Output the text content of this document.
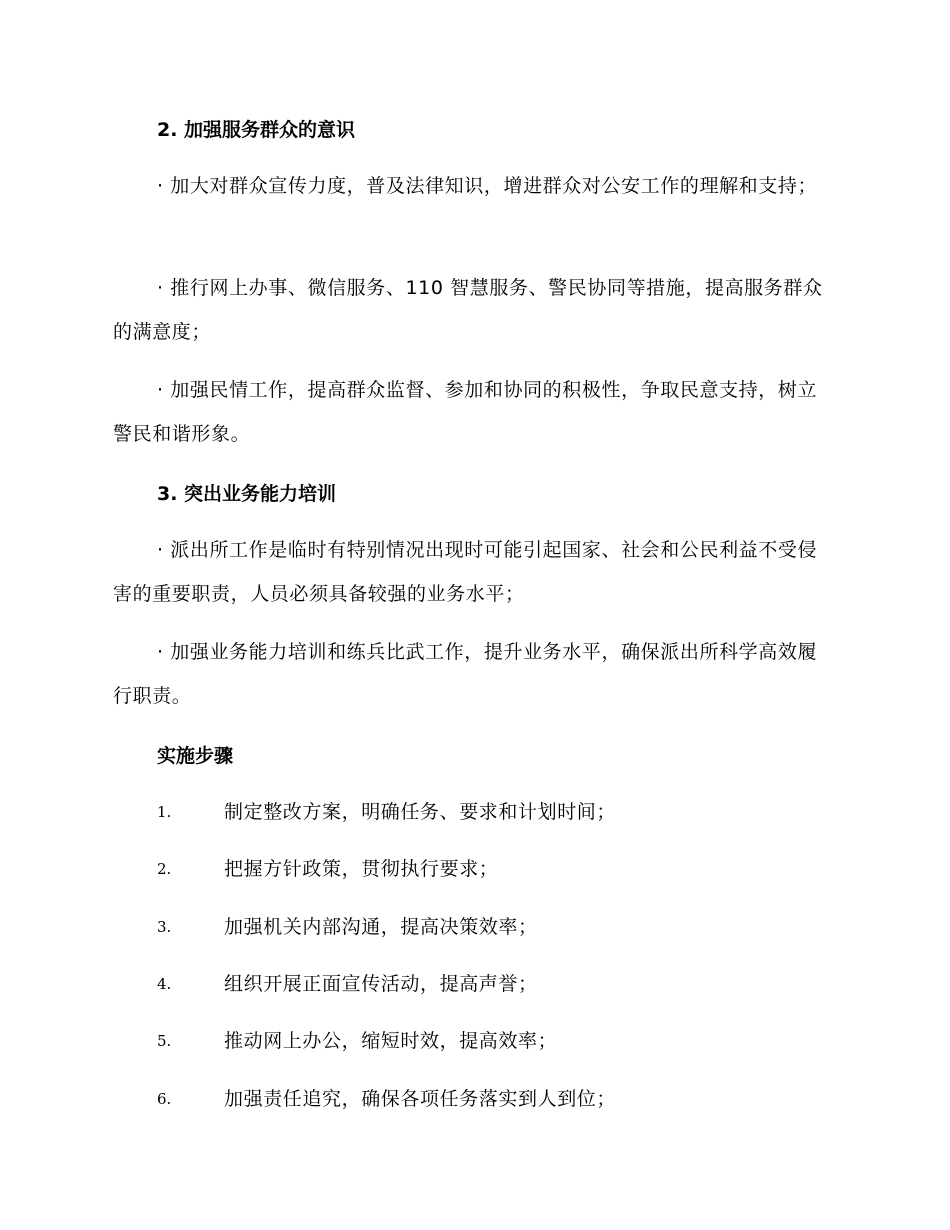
2. 加强服务群众的意识
· 加大对群众宣传力度，普及法律知识，增进群众对公安工作的理解和支持；
· 推行网上办事、微信服务、110 智慧服务、警民协同等措施，提高服务群众的满意度；
· 加强民情工作，提高群众监督、参加和协同的积极性，争取民意支持，树立警民和谐形象。
3. 突出业务能力培训
· 派出所工作是临时有特别情况出现时可能引起国家、社会和公民利益不受侵害的重要职责，人员必须具备较强的业务水平；
· 加强业务能力培训和练兵比武工作，提升业务水平，确保派出所科学高效履行职责。
实施步骤
1.	制定整改方案，明确任务、要求和计划时间；
2.	把握方针政策，贯彻执行要求；
3.	加强机关内部沟通，提高决策效率；
4.	组织开展正面宣传活动，提高声誉；
5.	推动网上办公，缩短时效，提高效率；
6.	加强责任追究，确保各项任务落实到人到位；
